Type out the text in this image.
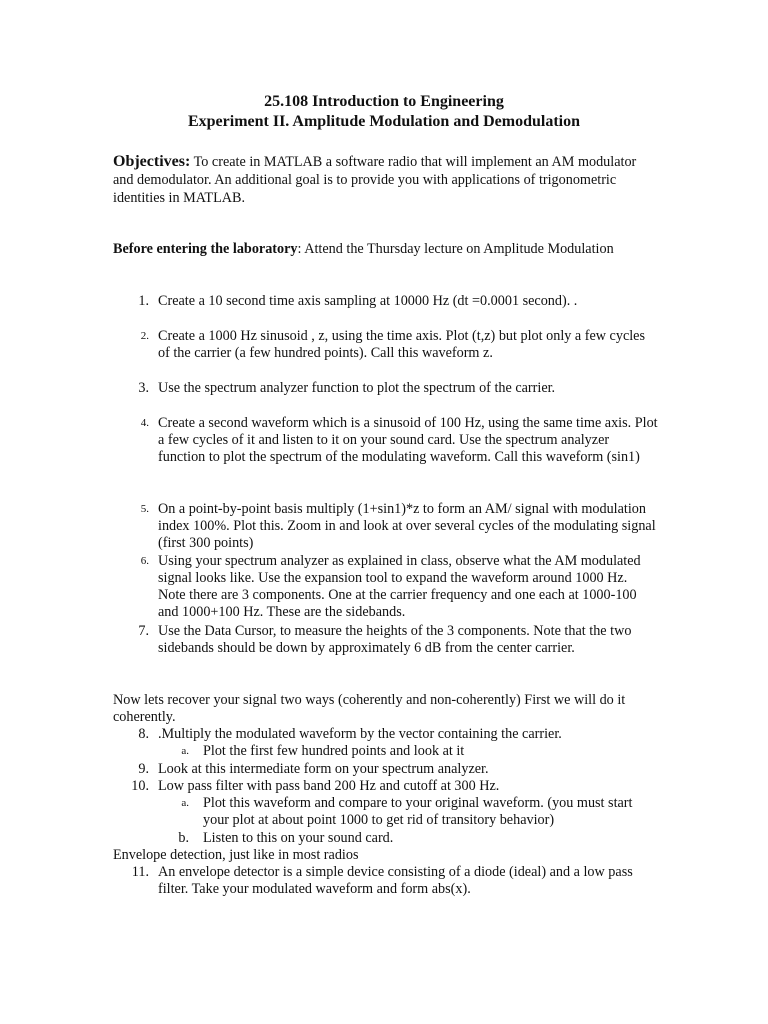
25.108 Introduction to Engineering
Experiment II. Amplitude Modulation and Demodulation
Objectives: To create in MATLAB a software radio that will implement an AM modulator and demodulator. An additional goal is to provide you with applications of trigonometric identities in MATLAB.
Before entering the laboratory: Attend the Thursday lecture on Amplitude Modulation
1. Create a 10 second time axis sampling at 10000 Hz (dt =0.0001 second). .
2. Create a 1000 Hz sinusoid , z, using the time axis. Plot (t,z) but plot only a few cycles of the carrier (a few hundred points). Call this waveform z.
3. Use the spectrum analyzer function to plot the spectrum of the carrier.
4. Create a second waveform which is a sinusoid of 100 Hz, using the same time axis. Plot a few cycles of it and listen to it on your sound card. Use the spectrum analyzer function to plot the spectrum of the modulating waveform. Call this waveform (sin1)
5. On a point-by-point basis multiply (1+sin1)*z to form an AM/ signal with modulation index 100%. Plot this. Zoom in and look at over several cycles of the modulating signal (first 300 points)
6. Using your spectrum analyzer as explained in class, observe what the AM modulated signal looks like. Use the expansion tool to expand the waveform around 1000 Hz. Note there are 3 components. One at the carrier frequency and one each at 1000-100 and 1000+100 Hz. These are the sidebands.
7. Use the Data Cursor, to measure the heights of the 3 components. Note that the two sidebands should be down by approximately 6 dB from the center carrier.
Now lets recover your signal two ways (coherently and non-coherently) First we will do it coherently.
8. .Multiply the modulated waveform by the vector containing the carrier.
a. Plot the first few hundred points and look at it
9. Look at this intermediate form on your spectrum analyzer.
10. Low pass filter with pass band 200 Hz and cutoff at 300 Hz.
a. Plot this waveform and compare to your original waveform. (you must start your plot at about point 1000 to get rid of transitory behavior)
b. Listen to this on your sound card.
Envelope detection, just like in most radios
11. An envelope detector is a simple device consisting of a diode (ideal) and a low pass filter. Take your modulated waveform and form abs(x).
